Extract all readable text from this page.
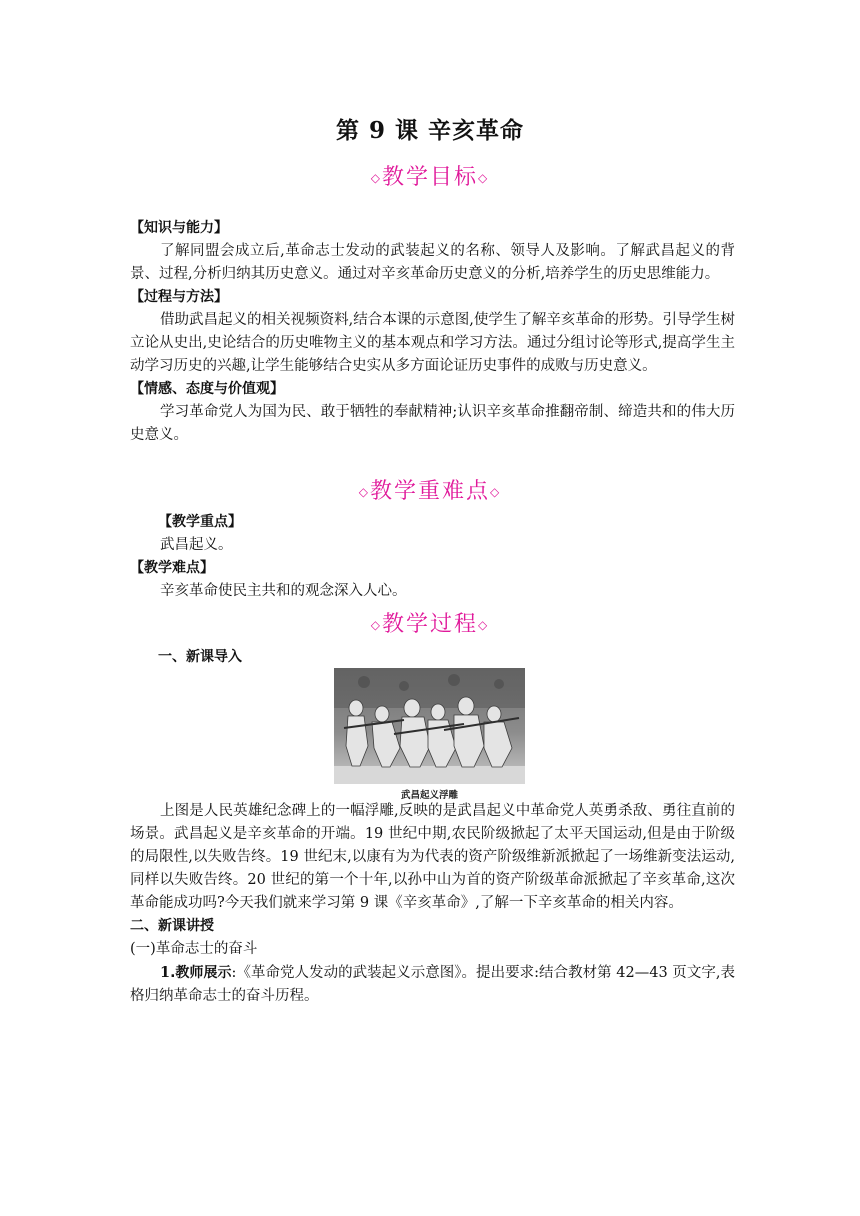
第 9 课 辛亥革命
◇教学目标◇

【知识与能力】

了解同盟会成立后,革命志士发动的武装起义的名称、领导人及影响。了解武昌起义的背景、过程,分析归纳其历史意义。通过对辛亥革命历史意义的分析,培养学生的历史思维能力。

【过程与方法】

借助武昌起义的相关视频资料,结合本课的示意图,使学生了解辛亥革命的形势。引导学生树立论从史出,史论结合的历史唯物主义的基本观点和学习方法。通过分组讨论等形式,提高学生主动学习历史的兴趣,让学生能够结合史实从多方面论证历史事件的成败与历史意义。

【情感、态度与价值观】

学习革命党人为国为民、敢于牺牲的奉献精神;认识辛亥革命推翻帝制、缔造共和的伟大历史意义。

◇教学重难点◇

【教学重点】

武昌起义。

【教学难点】

辛亥革命使民主共和的观念深入人心。

◇教学过程◇

一、新课导入

武昌起义浮雕

上图是人民英雄纪念碑上的一幅浮雕,反映的是武昌起义中革命党人英勇杀敌、勇往直前的场景。武昌起义是辛亥革命的开端。19 世纪中期,农民阶级掀起了太平天国运动,但是由于阶级的局限性,以失败告终。19 世纪末,以康有为为代表的资产阶级维新派掀起了一场维新变法运动,同样以失败告终。20 世纪的第一个十年,以孙中山为首的资产阶级革命派掀起了辛亥革命,这次革命能成功吗?今天我们就来学习第 9 课《辛亥革命》,了解一下辛亥革命的相关内容。

二、新课讲授

(一)革命志士的奋斗

1.教师展示:《革命党人发动的武装起义示意图》。提出要求:结合教材第 42—43 页文字,表格归纳革命志士的奋斗历程。
